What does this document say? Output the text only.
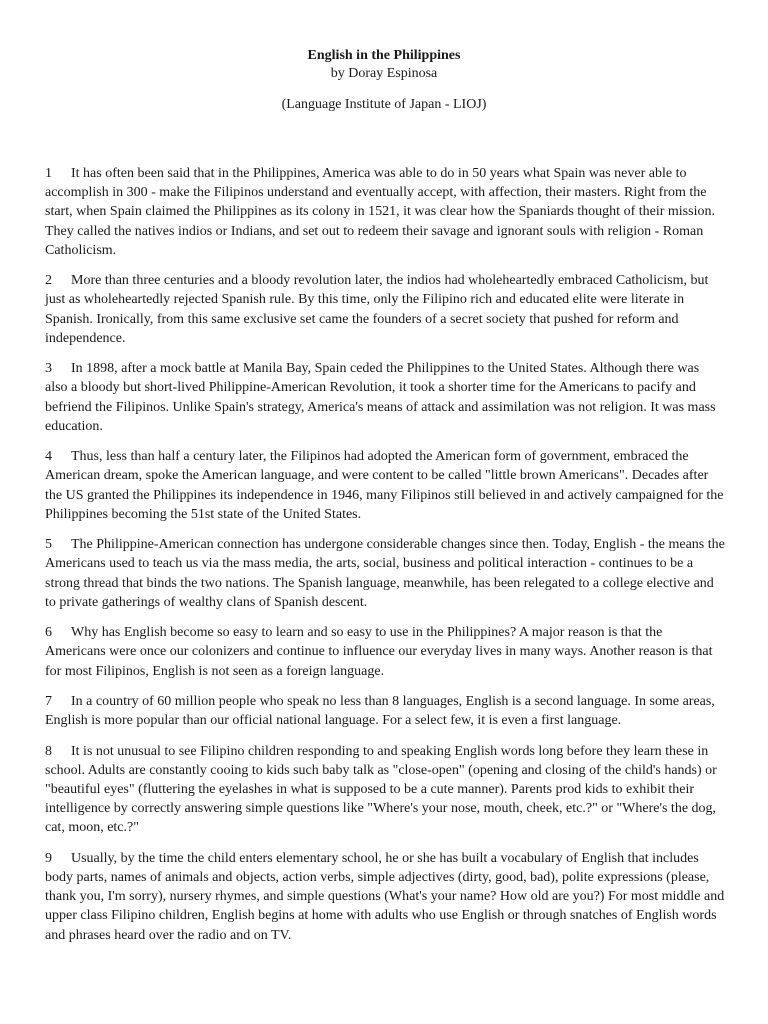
English in the Philippines
by Doray Espinosa
(Language Institute of Japan - LIOJ)

1 It has often been said that in the Philippines, America was able to do in 50 years what Spain was never able to accomplish in 300 - make the Filipinos understand and eventually accept, with affection, their masters. Right from the start, when Spain claimed the Philippines as its colony in 1521, it was clear how the Spaniards thought of their mission. They called the natives indios or Indians, and set out to redeem their savage and ignorant souls with religion - Roman Catholicism.

2 More than three centuries and a bloody revolution later, the indios had wholeheartedly embraced Catholicism, but just as wholeheartedly rejected Spanish rule. By this time, only the Filipino rich and educated elite were literate in Spanish. Ironically, from this same exclusive set came the founders of a secret society that pushed for reform and independence.

3 In 1898, after a mock battle at Manila Bay, Spain ceded the Philippines to the United States. Although there was also a bloody but short-lived Philippine-American Revolution, it took a shorter time for the Americans to pacify and befriend the Filipinos. Unlike Spain's strategy, America's means of attack and assimilation was not religion. It was mass education.

4 Thus, less than half a century later, the Filipinos had adopted the American form of government, embraced the American dream, spoke the American language, and were content to be called "little brown Americans". Decades after the US granted the Philippines its independence in 1946, many Filipinos still believed in and actively campaigned for the Philippines becoming the 51st state of the United States.

5 The Philippine-American connection has undergone considerable changes since then. Today, English - the means the Americans used to teach us via the mass media, the arts, social, business and political interaction - continues to be a strong thread that binds the two nations. The Spanish language, meanwhile, has been relegated to a college elective and to private gatherings of wealthy clans of Spanish descent.

6 Why has English become so easy to learn and so easy to use in the Philippines? A major reason is that the Americans were once our colonizers and continue to influence our everyday lives in many ways. Another reason is that for most Filipinos, English is not seen as a foreign language.

7 In a country of 60 million people who speak no less than 8 languages, English is a second language. In some areas, English is more popular than our official national language. For a select few, it is even a first language.

8 It is not unusual to see Filipino children responding to and speaking English words long before they learn these in school. Adults are constantly cooing to kids such baby talk as "close-open" (opening and closing of the child's hands) or "beautiful eyes" (fluttering the eyelashes in what is supposed to be a cute manner). Parents prod kids to exhibit their intelligence by correctly answering simple questions like "Where's your nose, mouth, cheek, etc.?" or "Where's the dog, cat, moon, etc.?"

9 Usually, by the time the child enters elementary school, he or she has built a vocabulary of English that includes body parts, names of animals and objects, action verbs, simple adjectives (dirty, good, bad), polite expressions (please, thank you, I'm sorry), nursery rhymes, and simple questions (What's your name? How old are you?) For most middle and upper class Filipino children, English begins at home with adults who use English or through snatches of English words and phrases heard over the radio and on TV.
